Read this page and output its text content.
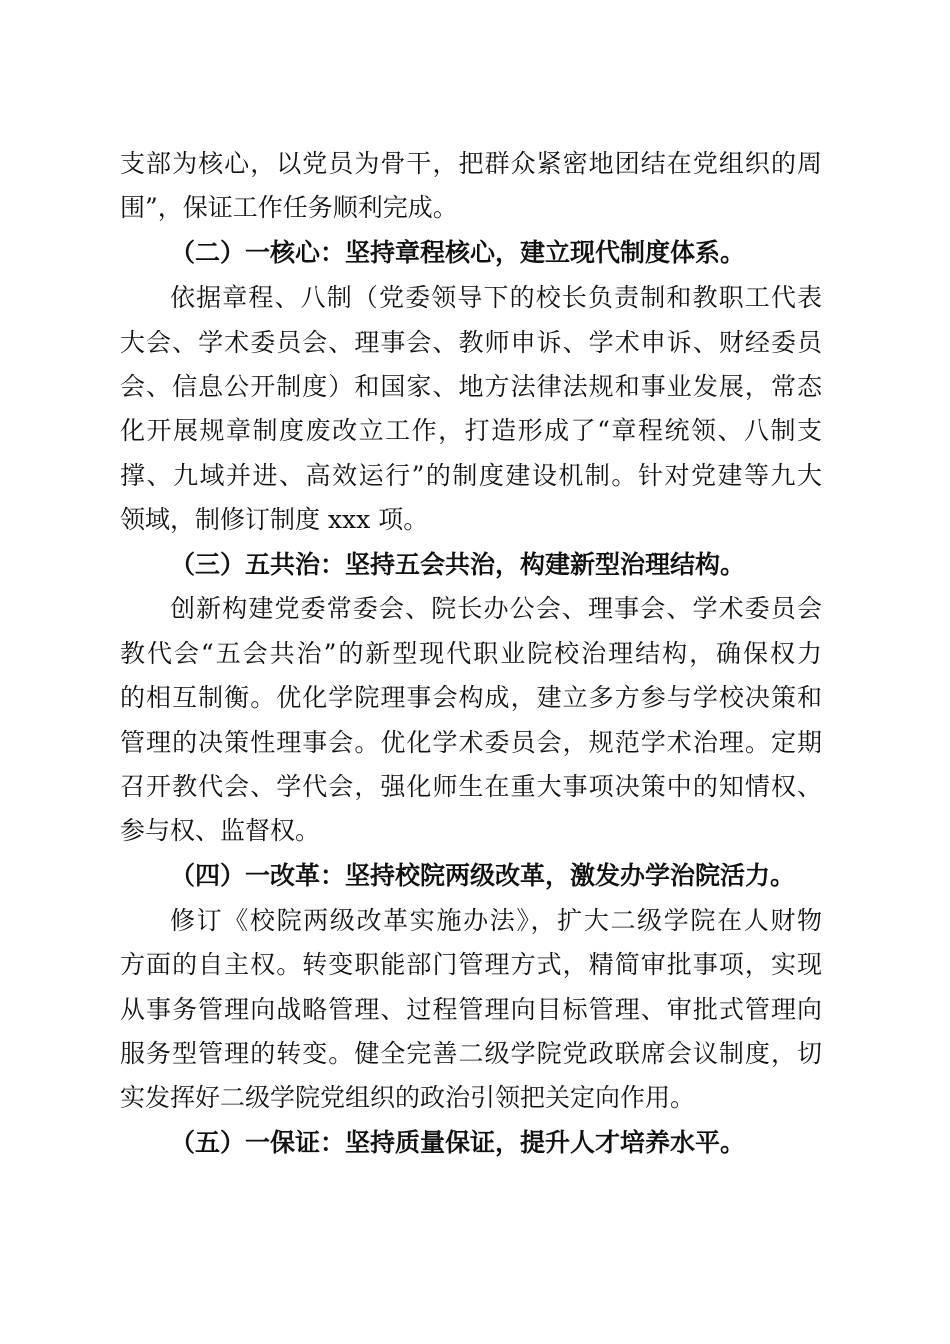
支部为核心，以党员为骨干，把群众紧密地团结在党组织的周
围”，保证工作任务顺利完成。
（二）一核心：坚持章程核心，建立现代制度体系。
依据章程、八制（党委领导下的校长负责制和教职工代表
大会、学术委员会、理事会、教师申诉、学术申诉、财经委员
会、信息公开制度）和国家、地方法律法规和事业发展，常态
化开展规章制度废改立工作，打造形成了“章程统领、八制支
撑、九域并进、高效运行”的制度建设机制。针对党建等九大
领域，制修订制度 xxx 项。
（三）五共治：坚持五会共治，构建新型治理结构。
创新构建党委常委会、院长办公会、理事会、学术委员会
教代会“五会共治”的新型现代职业院校治理结构，确保权力
的相互制衡。优化学院理事会构成，建立多方参与学校决策和
管理的决策性理事会。优化学术委员会，规范学术治理。定期
召开教代会、学代会，强化师生在重大事项决策中的知情权、
参与权、监督权。
（四）一改革：坚持校院两级改革，激发办学治院活力。
修订《校院两级改革实施办法》，扩大二级学院在人财物
方面的自主权。转变职能部门管理方式，精简审批事项，实现
从事务管理向战略管理、过程管理向目标管理、审批式管理向
服务型管理的转变。健全完善二级学院党政联席会议制度，切
实发挥好二级学院党组织的政治引领把关定向作用。
（五）一保证：坚持质量保证，提升人才培养水平。
